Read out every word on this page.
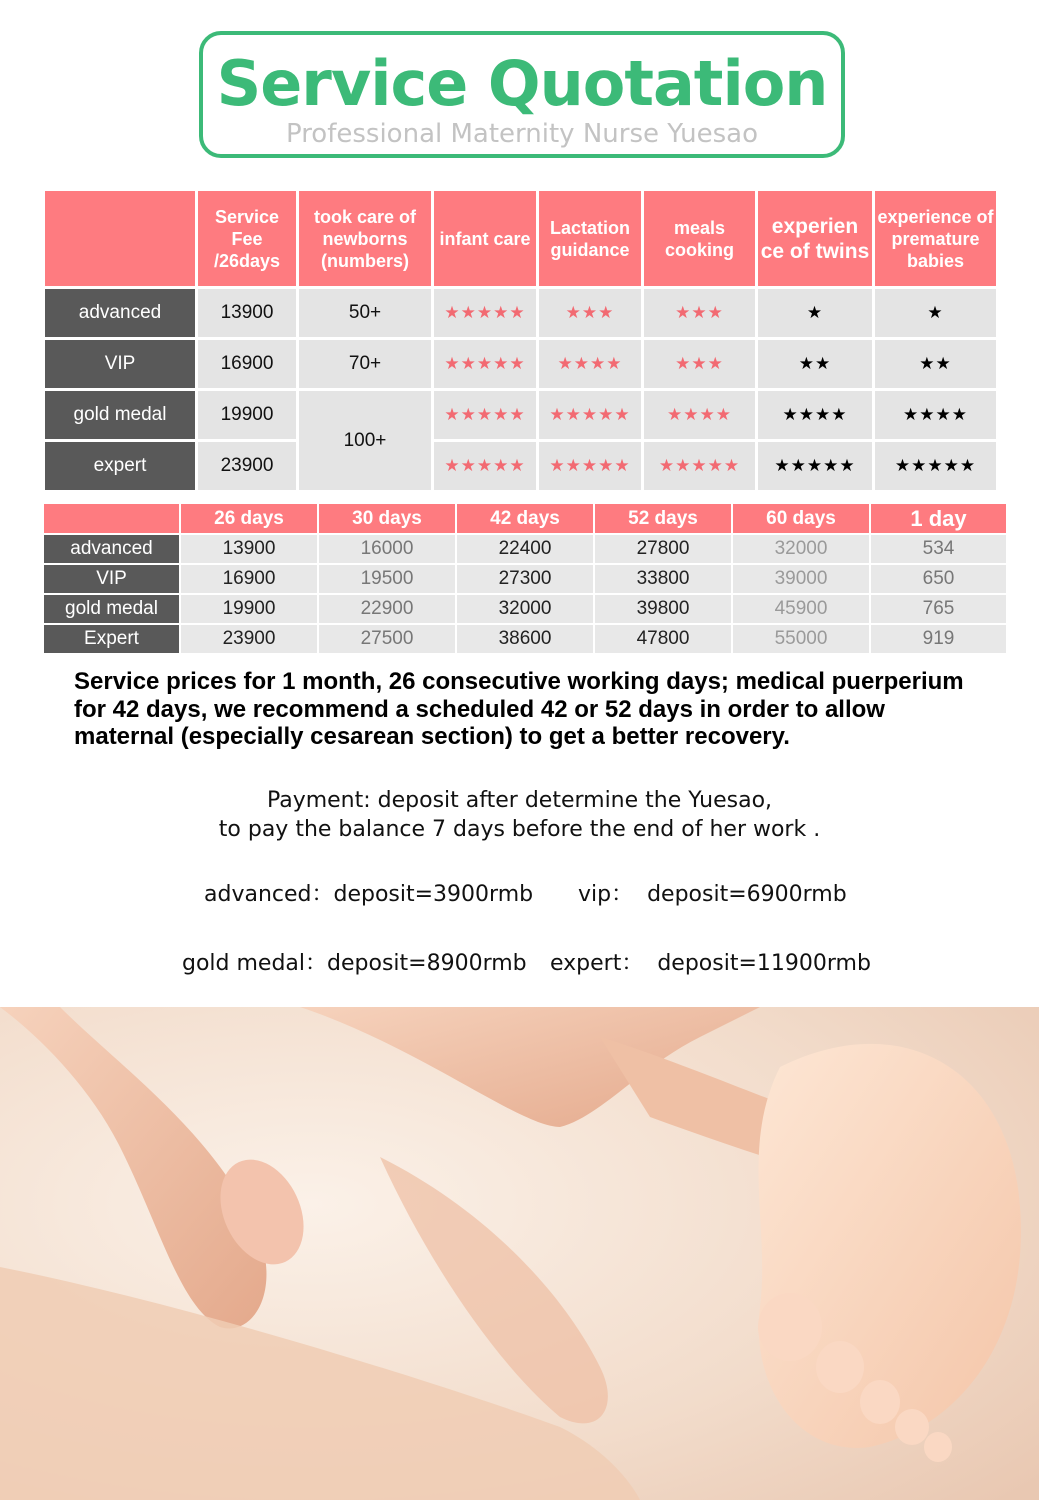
Service Quotation
Professional Maternity Nurse Yuesao
	Service Fee /26days	took care of newborns (numbers)	infant care	Lactation guidance	meals cooking	experien ce of twins	experience of premature babies
advanced	13900	50+	★★★★★	★★★	★★★	★	★
VIP	16900	70+	★★★★★	★★★★	★★★	★★	★★
gold medal	19900	100+	★★★★★	★★★★★	★★★★	★★★★	★★★★
expert	23900		★★★★★	★★★★★	★★★★★	★★★★★	★★★★★
	26 days	30 days	42 days	52 days	60 days	1 day
advanced	13900	16000	22400	27800	32000	534
VIP	16900	19500	27300	33800	39000	650
gold medal	19900	22900	32000	39800	45900	765
Expert	23900	27500	38600	47800	55000	919
Service prices for 1 month, 26 consecutive working days; medical puerperium for 42 days, we recommend a scheduled 42 or 52 days in order to allow maternal (especially cesarean section) to get a better recovery.
Payment: deposit after determine the Yuesao,
to pay the balance 7 days before the end of her work .
advanced：deposit=3900rmb vip：  deposit=6900rmb
gold medal：deposit=8900rmb expert：  deposit=11900rmb
